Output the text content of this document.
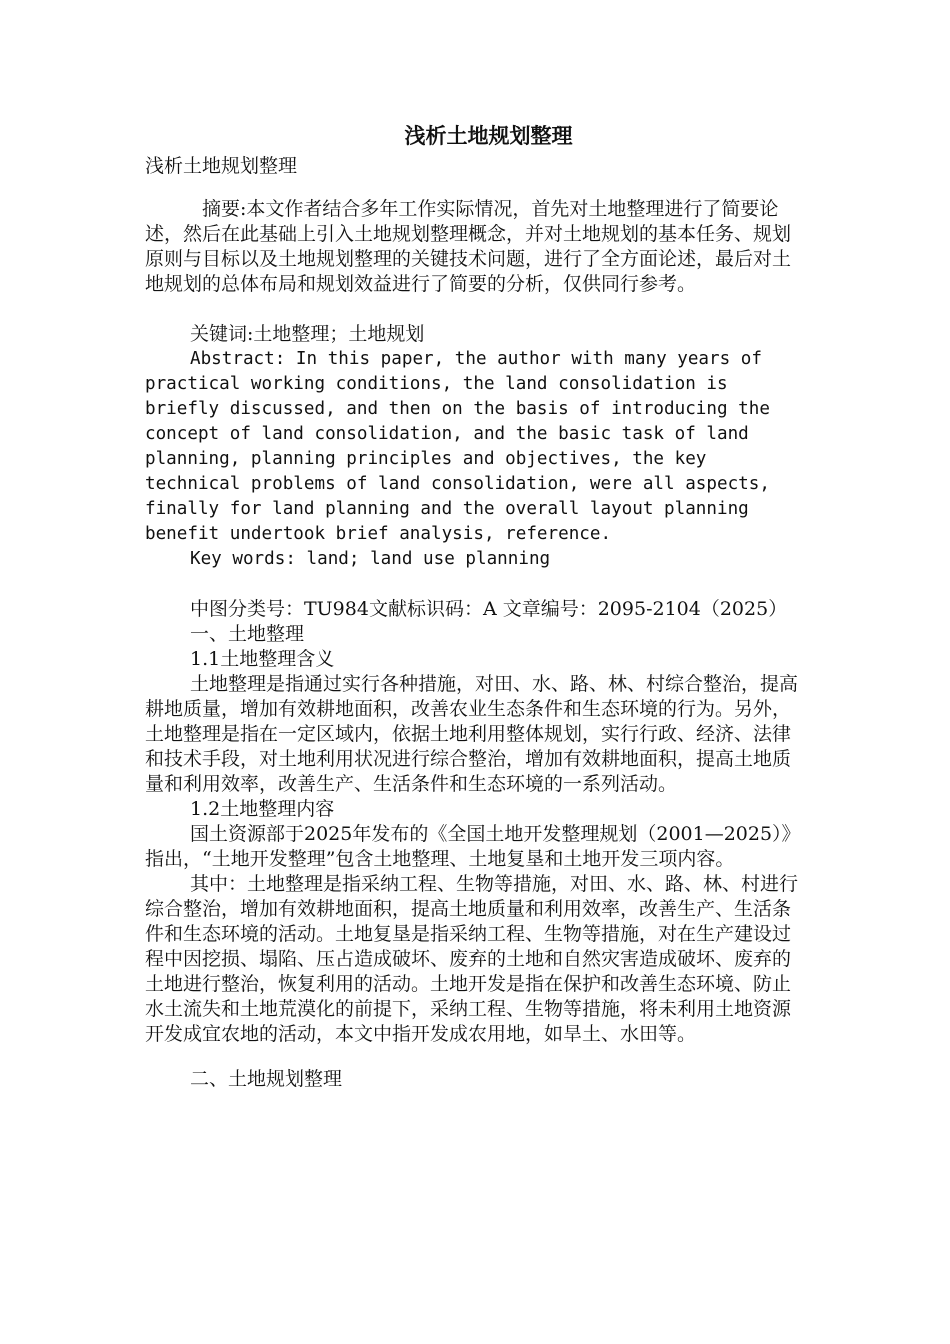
浅析土地规划整理

浅析土地规划整理

摘要:本文作者结合多年工作实际情况，首先对土地整理进行了简要论述，然后在此基础上引入土地规划整理概念，并对土地规划的基本任务、规划原则与目标以及土地规划整理的关键技术问题，进行了全方面论述，最后对土地规划的总体布局和规划效益进行了简要的分析，仅供同行参考。

关键词:土地整理；土地规划

Abstract: In this paper, the author with many years of practical working conditions, the land consolidation is briefly discussed, and then on the basis of introducing the concept of land consolidation, and the basic task of land planning, planning principles and objectives, the key technical problems of land consolidation, were all aspects, finally for land planning and the overall layout planning benefit undertook brief analysis, reference.

Key words: land; land use planning

中图分类号：TU984文献标识码：A 文章编号：2095-2104（2025）

一、土地整理

1.1土地整理含义

土地整理是指通过实行各种措施，对田、水、路、林、村综合整治，提高耕地质量，增加有效耕地面积，改善农业生态条件和生态环境的行为。另外，土地整理是指在一定区域内，依据土地利用整体规划，实行行政、经济、法律和技术手段，对土地利用状况进行综合整治，增加有效耕地面积，提高土地质量和利用效率，改善生产、生活条件和生态环境的一系列活动。

1.2土地整理内容

国土资源部于2025年发布的《全国土地开发整理规划（2001—2025）》指出，“土地开发整理”包含土地整理、土地复垦和土地开发三项内容。

其中：土地整理是指采纳工程、生物等措施，对田、水、路、林、村进行综合整治，增加有效耕地面积，提高土地质量和利用效率，改善生产、生活条件和生态环境的活动。土地复垦是指采纳工程、生物等措施，对在生产建设过程中因挖损、塌陷、压占造成破坏、废弃的土地和自然灾害造成破坏、废弃的土地进行整治，恢复利用的活动。土地开发是指在保护和改善生态环境、防止水土流失和土地荒漠化的前提下，采纳工程、生物等措施，将未利用土地资源开发成宜农地的活动，本文中指开发成农用地，如旱土、水田等。

二、土地规划整理
